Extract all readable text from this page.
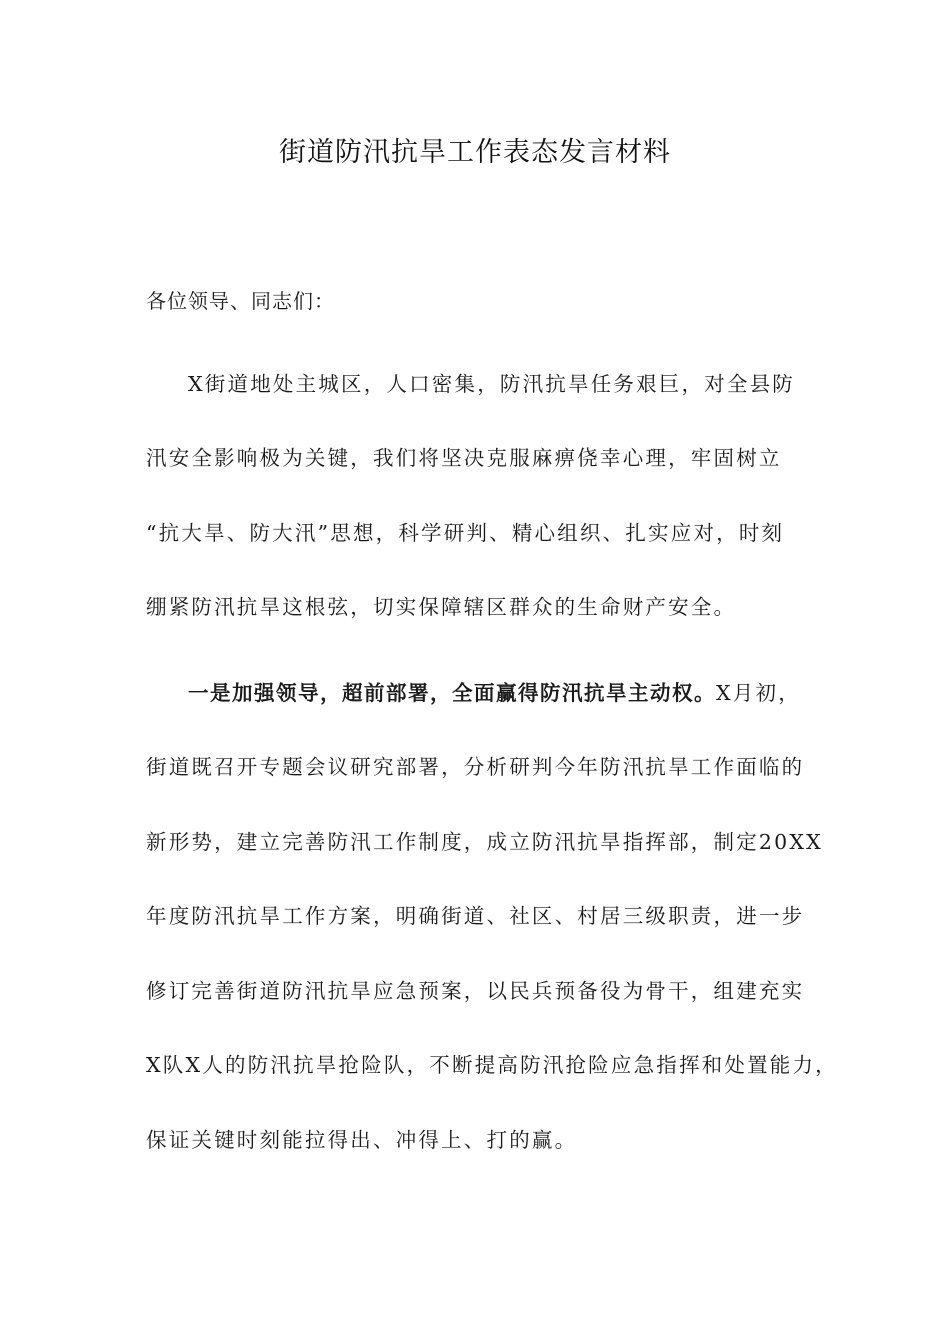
街道防汛抗旱工作表态发言材料
各位领导、同志们：
X街道地处主城区，人口密集，防汛抗旱任务艰巨，对全县防
汛安全影响极为关键，我们将坚决克服麻痹侥幸心理，牢固树立
“抗大旱、防大汛”思想，科学研判、精心组织、扎实应对，时刻
绷紧防汛抗旱这根弦，切实保障辖区群众的生命财产安全。
一是加强领导，超前部署，全面赢得防汛抗旱主动权。X月初，
街道既召开专题会议研究部署，分析研判今年防汛抗旱工作面临的
新形势，建立完善防汛工作制度，成立防汛抗旱指挥部，制定20XX
年度防汛抗旱工作方案，明确街道、社区、村居三级职责，进一步
修订完善街道防汛抗旱应急预案，以民兵预备役为骨干，组建充实
X队X人的防汛抗旱抢险队，不断提高防汛抢险应急指挥和处置能力，
保证关键时刻能拉得出、冲得上、打的赢。
